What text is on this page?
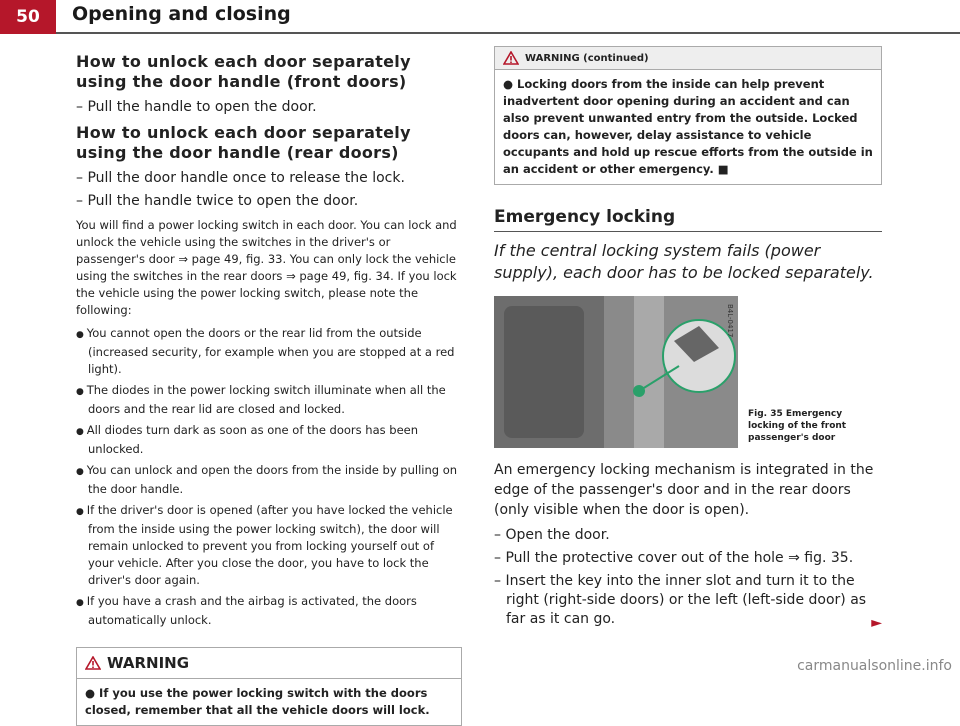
50	Opening and closing
How to unlock each door separately using the door handle (front doors)
– Pull the handle to open the door.
How to unlock each door separately using the door handle (rear doors)
– Pull the door handle once to release the lock.
– Pull the handle twice to open the door.

You will find a power locking switch in each door. You can lock and unlock the vehicle using the switches in the driver's or passenger's door ⇒ page 49, fig. 33. You can only lock the vehicle using the switches in the rear doors ⇒ page 49, fig. 34. If you lock the vehicle using the power locking switch, please note the following:

● You cannot open the doors or the rear lid from the outside (increased security, for example when you are stopped at a red light).
● The diodes in the power locking switch illuminate when all the doors and the rear lid are closed and locked.
● All diodes turn dark as soon as one of the doors has been unlocked.
● You can unlock and open the doors from the inside by pulling on the door handle.
● If the driver's door is opened (after you have locked the vehicle from the inside using the power locking switch), the door will remain unlocked to prevent you from locking yourself out of your vehicle. After you close the door, you have to lock the driver's door again.
● If you have a crash and the airbag is activated, the doors automatically unlock.
WARNING
● If you use the power locking switch with the doors closed, remember that all the vehicle doors will lock.
WARNING (continued)
● Locking doors from the inside can help prevent inadvertent door opening during an accident and can also prevent unwanted entry from the outside. Locked doors can, however, delay assistance to vehicle occupants and hold up rescue efforts from the outside in an accident or other emergency. ■
Emergency locking
If the central locking system fails (power supply), each door has to be locked separately.
B4L-0417
Fig. 35 Emergency locking of the front passenger's door

An emergency locking mechanism is integrated in the edge of the passenger's door and in the rear doors (only visible when the door is open).

– Open the door.
– Pull the protective cover out of the hole ⇒ fig. 35.
– Insert the key into the inner slot and turn it to the right (right-side doors) or the left (left-side door) as far as it can go.	►
carmanualsonline.info
